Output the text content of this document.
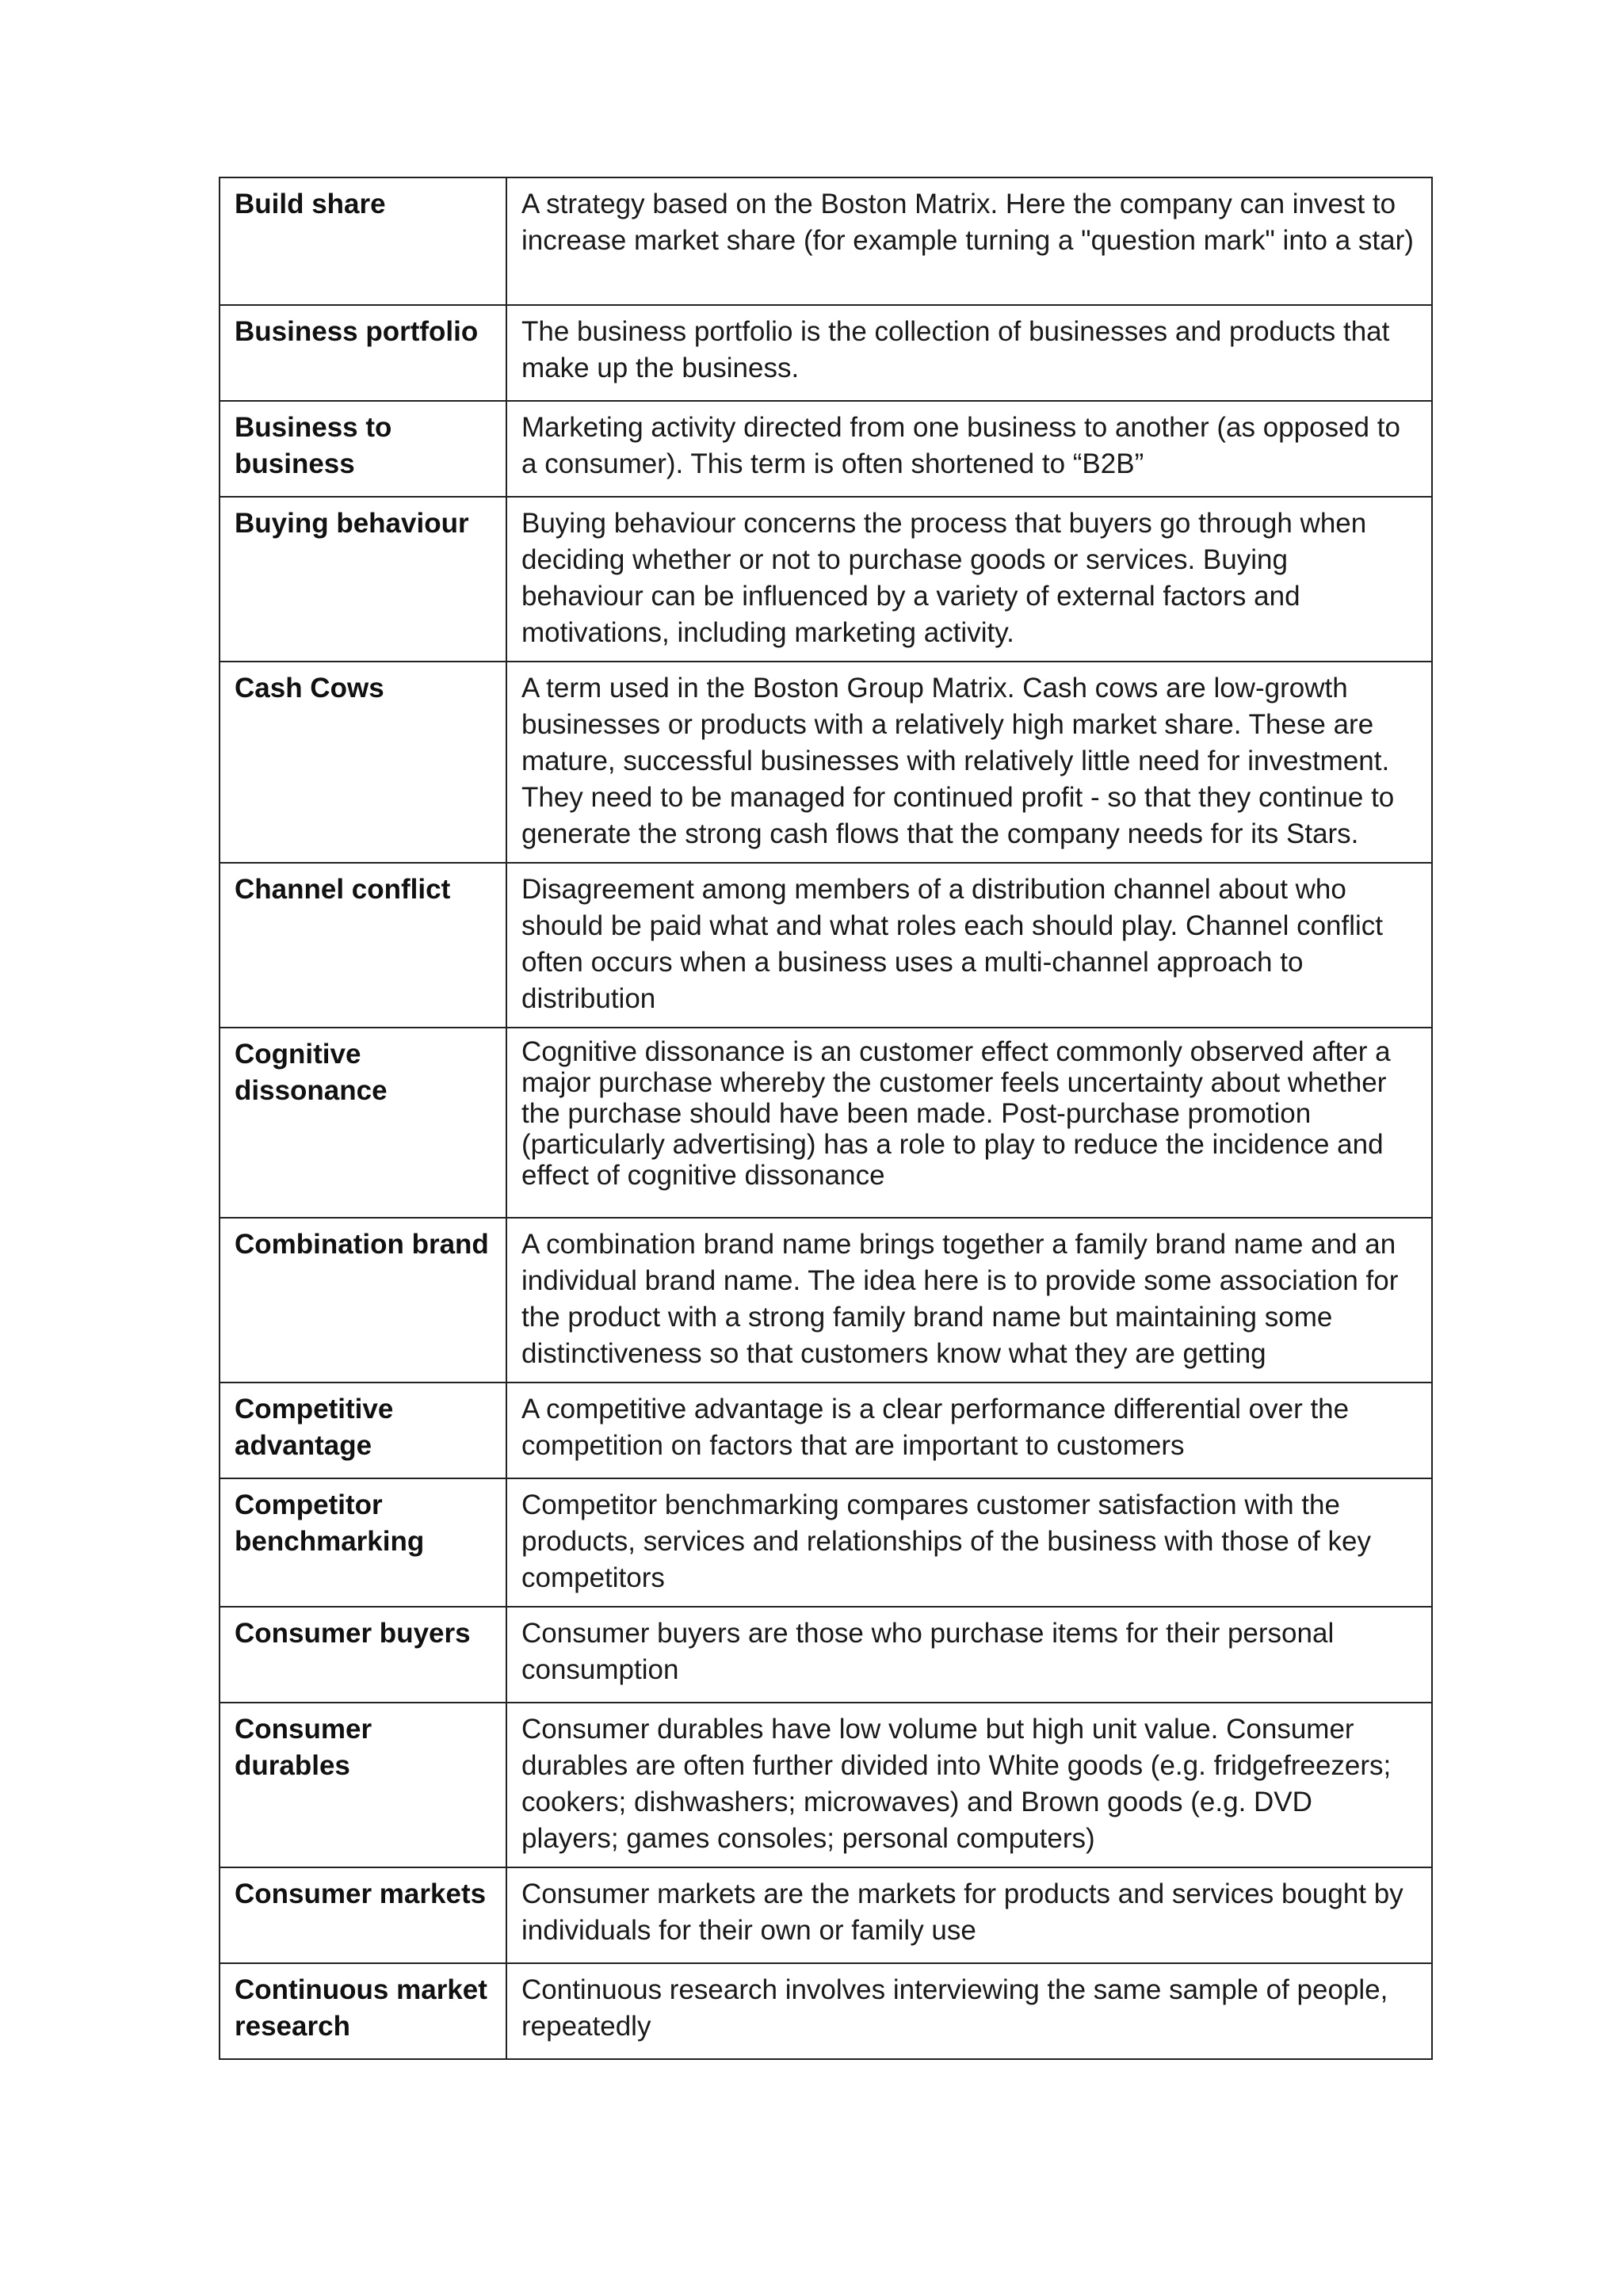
Build share	A strategy based on the Boston Matrix. Here the company can invest to increase market share (for example turning a "question mark" into a star)
Business portfolio	The business portfolio is the collection of businesses and products that make up the business.
Business to business	Marketing activity directed from one business to another (as opposed to a consumer). This term is often shortened to “B2B”
Buying behaviour	Buying behaviour concerns the process that buyers go through when deciding whether or not to purchase goods or services. Buying behaviour can be influenced by a variety of external factors and motivations, including marketing activity.
Cash Cows	A term used in the Boston Group Matrix. Cash cows are low-growth businesses or products with a relatively high market share. These are mature, successful businesses with relatively little need for investment. They need to be managed for continued profit - so that they continue to generate the strong cash flows that the company needs for its Stars.
Channel conflict	Disagreement among members of a distribution channel about who should be paid what and what roles each should play. Channel conflict often occurs when a business uses a multi-channel approach to distribution
Cognitive dissonance	Cognitive dissonance is an customer effect commonly observed after a major purchase whereby the customer feels uncertainty about whether the purchase should have been made. Post-purchase promotion (particularly advertising) has a role to play to reduce the incidence and effect of cognitive dissonance
Combination brand	A combination brand name brings together a family brand name and an individual brand name. The idea here is to provide some association for the product with a strong family brand name but maintaining some distinctiveness so that customers know what they are getting
Competitive advantage	A competitive advantage is a clear performance differential over the competition on factors that are important to customers
Competitor benchmarking	Competitor benchmarking compares customer satisfaction with the products, services and relationships of the business with those of key competitors
Consumer buyers	Consumer buyers are those who purchase items for their personal consumption
Consumer durables	Consumer durables have low volume but high unit value. Consumer durables are often further divided into White goods (e.g. fridgefreezers; cookers; dishwashers; microwaves) and Brown goods (e.g. DVD players; games consoles; personal computers)
Consumer markets	Consumer markets are the markets for products and services bought by individuals for their own or family use
Continuous market research	Continuous research involves interviewing the same sample of people, repeatedly
